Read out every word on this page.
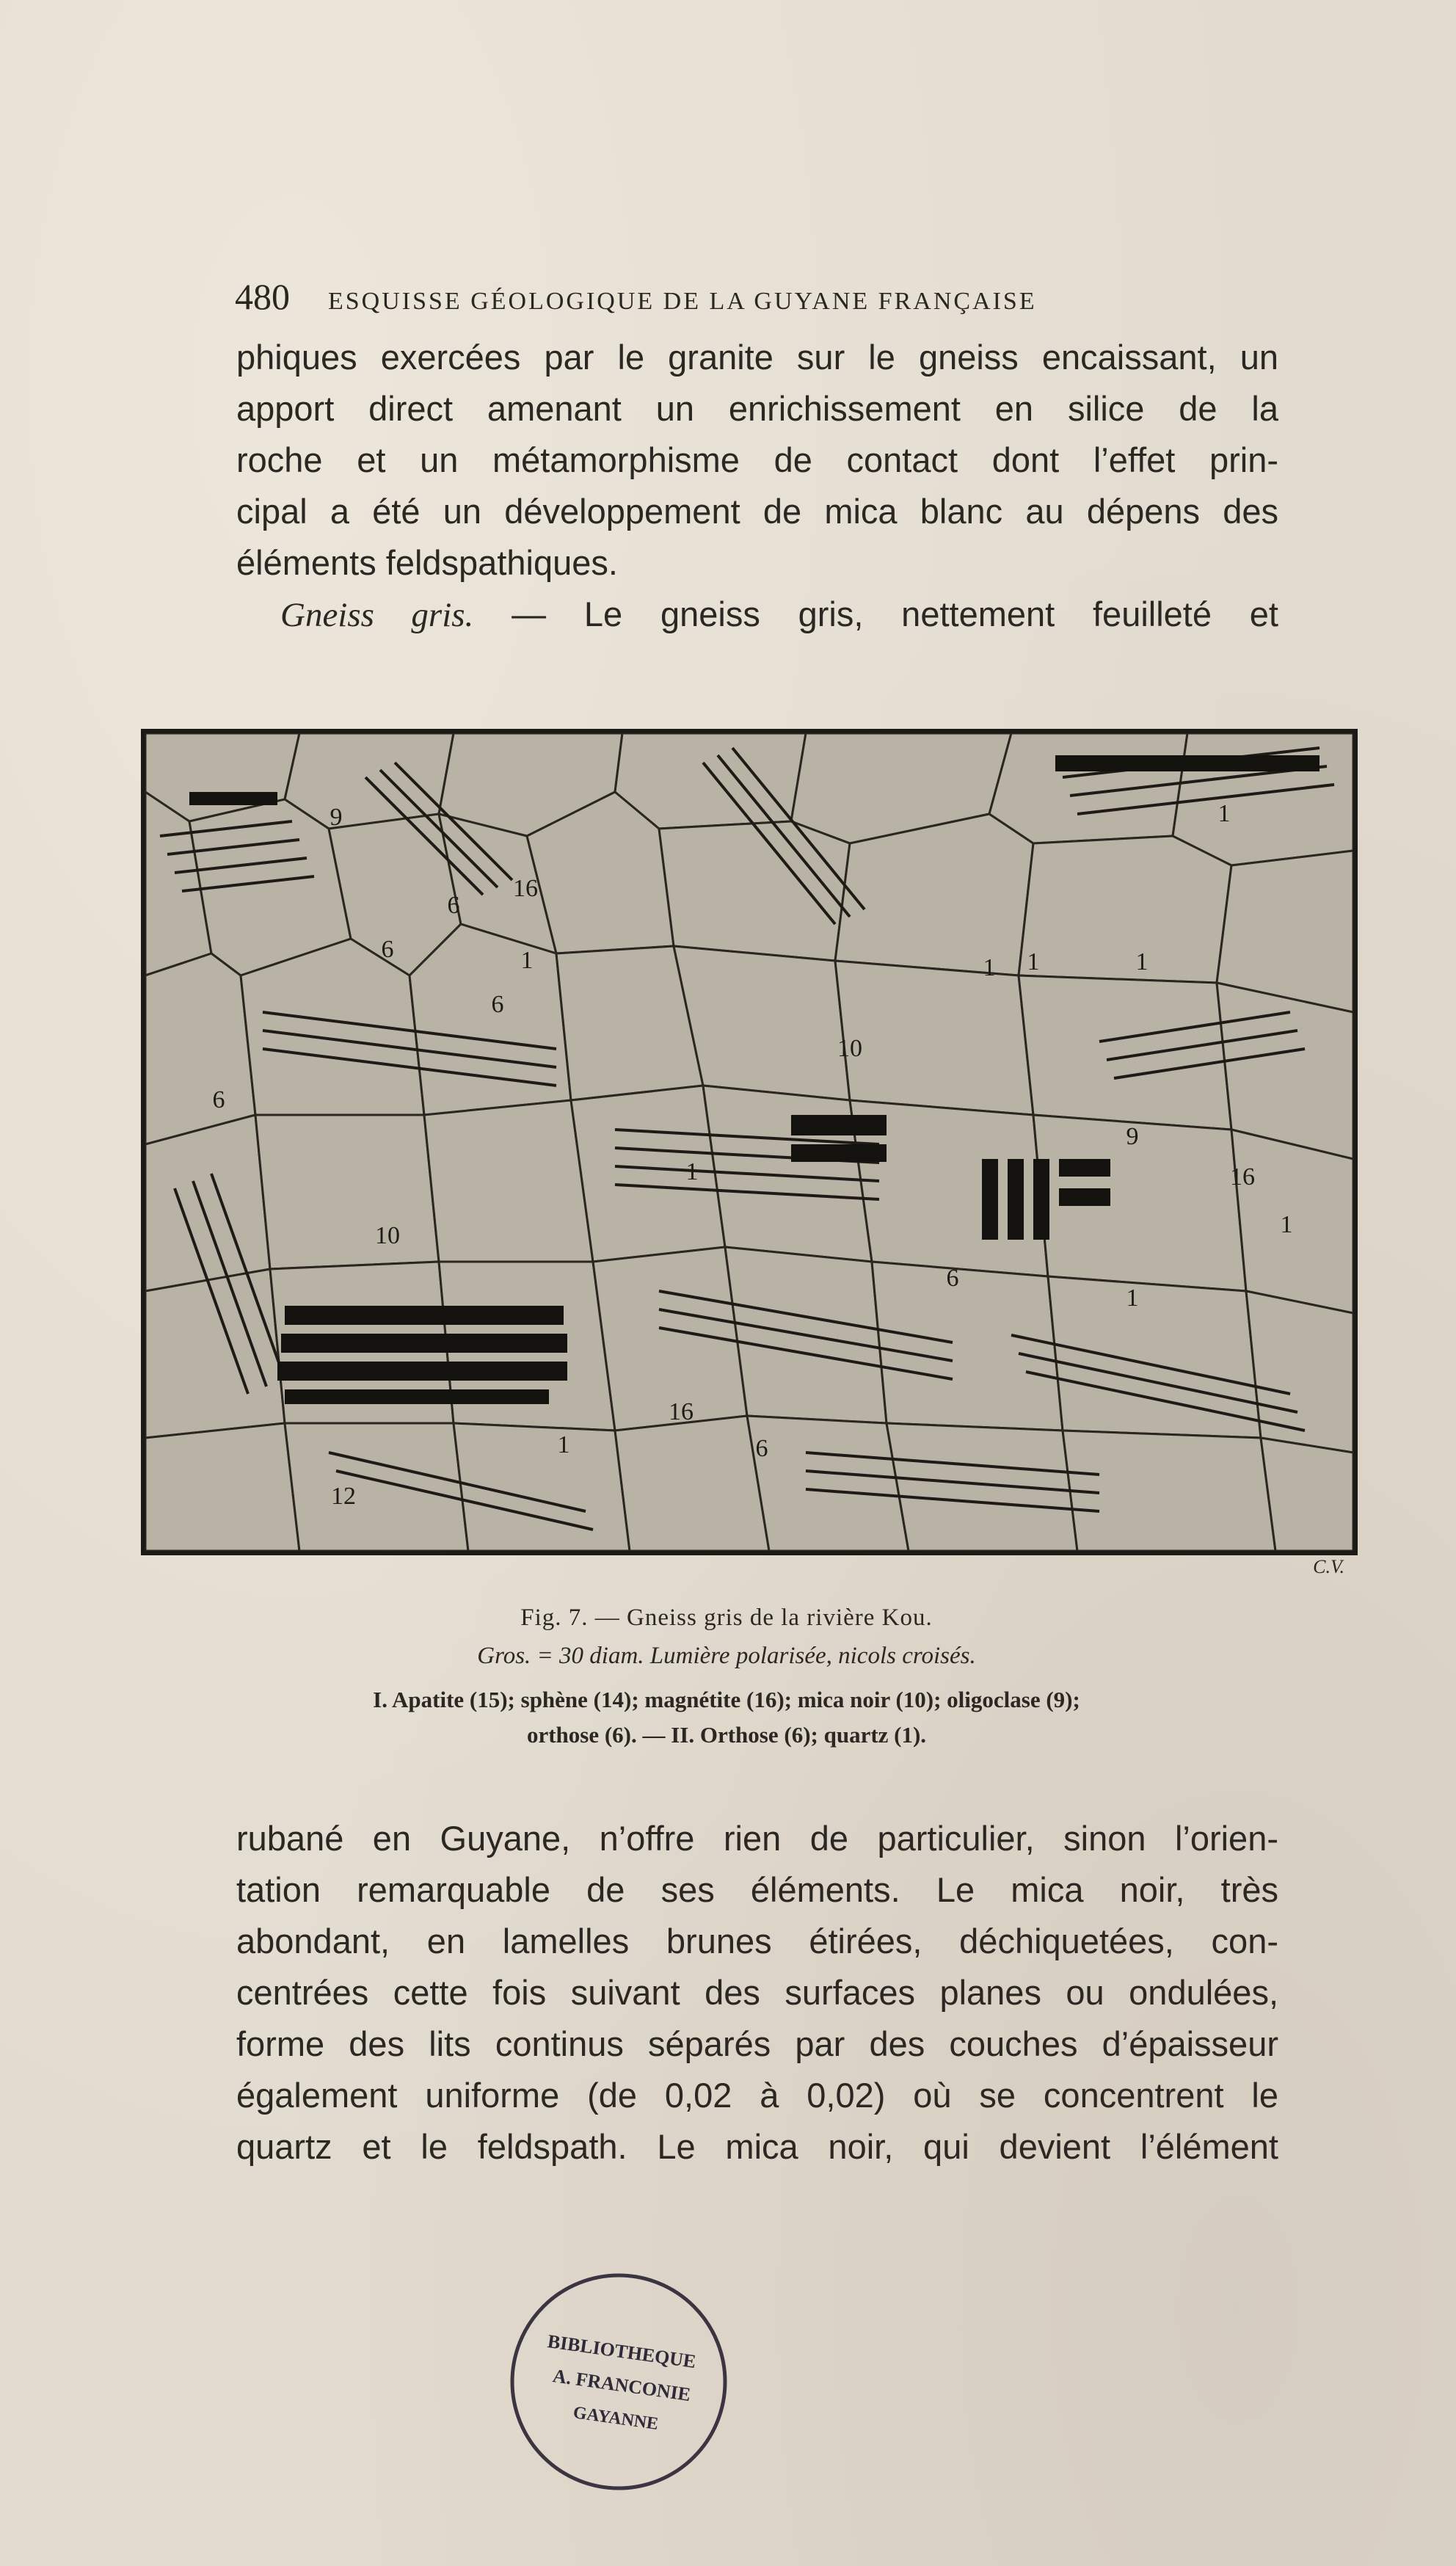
480 ESQUISSE GÉOLOGIQUE DE LA GUYANE FRANÇAISE

phiques exercées par le granite sur le gneiss encaissant, un
apport direct amenant un enrichissement en silice de la
roche et un métamorphisme de contact dont l’effet prin-
cipal a été un développement de mica blanc au dépens des
éléments feldspathiques.
Gneiss gris. — Le gneiss gris, nettement feuilleté et

9
6
1
6
16
6
1	1 1	1
6
10
9
16
10
6
1
1
16
12
6
1
1
C.V.

Fig. 7. — Gneiss gris de la rivière Kou.

Gros. = 30 diam. Lumière polarisée, nicols croisés.

I. Apatite (15); sphène (14); magnétite (16); mica noir (10); oligoclase (9);
orthose (6). — II. Orthose (6); quartz (1).

rubané en Guyane, n’offre rien de particulier, sinon l’orien-
tation remarquable de ses éléments. Le mica noir, très
abondant, en lamelles brunes étirées, déchiquetées, con-
centrées cette fois suivant des surfaces planes ou ondulées,
forme des lits continus séparés par des couches d’épaisseur
également uniforme (de 0,02 à 0,02) où se concentrent le
quartz et le feldspath. Le mica noir, qui devient l’élément

BIBLIOTHEQUE
A. FRANCONIE
GAYANNE
